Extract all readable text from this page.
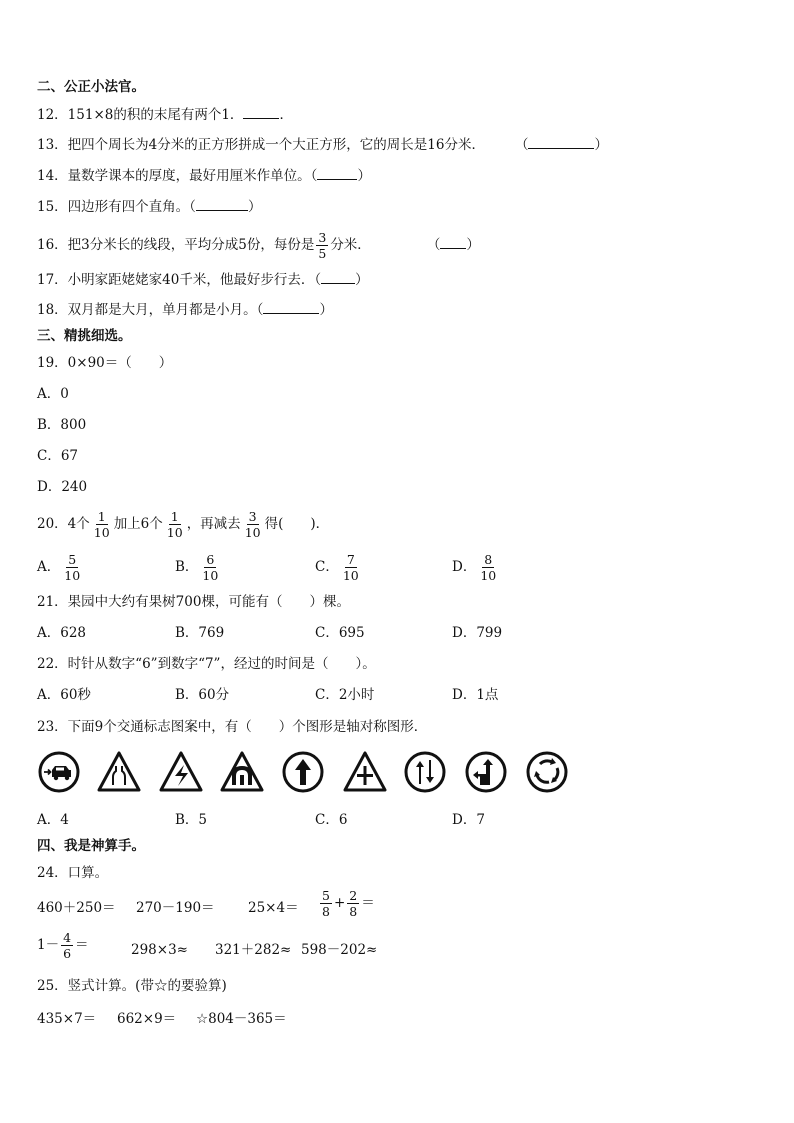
二、公正小法官。
12．151×8的积的末尾有两个1．	．
13．把四个周长为4分米的正方形拼成一个大正方形，它的周长是16分米． （	）
14．量数学课本的厚度，最好用厘米作单位。（	）
15．四边形有四个直角。（	）
16．把3分米长的线段，平均分成5份，每份是 $\frac{3}{5}$ 分米．	（ ）
17．小明家距姥姥家40千米，他最好步行去．（	）
18．双月都是大月，单月都是小月。（	）
三、精挑细选。
19．0×90＝（　　）
A．0
B．800
C．67
D．240
20．4个 $\frac{1}{10}$ 加上6个 $\frac{1}{10}$ ，再减去 $\frac{3}{10}$ 得(　　)．
A． $\frac{5}{10}$	B． $\frac{6}{10}$	C． $\frac{7}{10}$	D． $\frac{8}{10}$
21．果园中大约有果树700棵，可能有（　　）棵。
A．628	B．769	C．695	D．799
22．时针从数字“6”到数字“7”，经过的时间是（　　）。
A．60秒	B．60分	C．2小时	D．1点
23．下面9个交通标志图案中，有（　　）个图形是轴对称图形．
A．4	B．5	C．6	D．7
四、我是神算手。
24．口算。
$460+250= 270-190= 25\times 4= \frac{5}{8} + \frac{2}{8}$ ＝
$1- \frac{4}{6}$ ＝	298×3≈ 321＋282≈ 598－202≈
25．竖式计算。(带☆的要验算)
435×7＝ 662×9＝ ☆804－365＝
